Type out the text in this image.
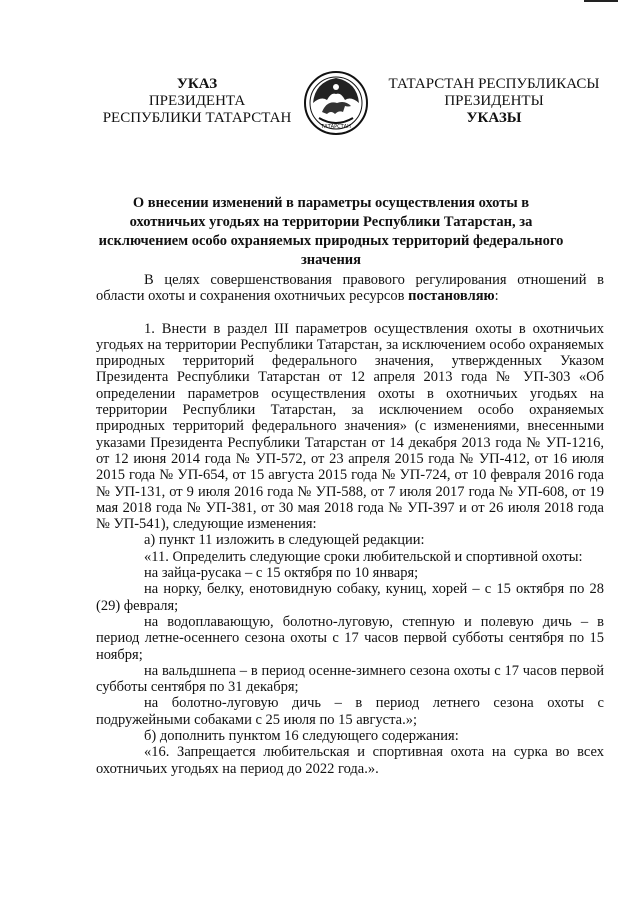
УКАЗ
ПРЕЗИДЕНТА
РЕСПУБЛИКИ ТАТАРСТАН
ТАТАРСТАН
ТАТАРСТАН РЕСПУБЛИКАСЫ
ПРЕЗИДЕНТЫ
УКАЗЫ
О внесении изменений в параметры осуществления охоты в охотничьих угодьях на территории Республики Татарстан, за исключением особо охраняемых природных территорий федерального значения

В целях совершенствования правового регулирования отношений в области охоты и сохранения охотничьих ресурсов постановляю:

1. Внести в раздел III параметров осуществления охоты в охотничьих угодьях на территории Республики Татарстан, за исключением особо охраняемых природных территорий федерального значения, утвержденных Указом Президента Республики Татарстан от 12 апреля 2013 года № УП-303 «Об определении параметров осуществления охоты в охотничьих угодьях на территории Республики Татарстан, за исключением особо охраняемых природных территорий федерального значения» (с изменениями, внесенными указами Президента Республики Татарстан от 14 декабря 2013 года № УП-1216, от 12 июня 2014 года № УП-572, от 23 апреля 2015 года № УП-412, от 16 июля 2015 года № УП-654, от 15 августа 2015 года № УП-724, от 10 февраля 2016 года № УП-131, от 9 июля 2016 года № УП-588, от 7 июля 2017 года № УП-608, от 19 мая 2018 года № УП-381, от 30 мая 2018 года № УП-397 и от 26 июля 2018 года № УП-541), следующие изменения:

а) пункт 11 изложить в следующей редакции:

«11. Определить следующие сроки любительской и спортивной охоты:

на зайца-русака – с 15 октября по 10 января;

на норку, белку, енотовидную собаку, куниц, хорей – с 15 октября по 28 (29) февраля;

на водоплавающую, болотно-луговую, степную и полевую дичь – в период летне-осеннего сезона охоты с 17 часов первой субботы сентября по 15 ноября;

на вальдшнепа – в период осенне-зимнего сезона охоты с 17 часов первой субботы сентября по 31 декабря;

на болотно-луговую дичь – в период летнего сезона охоты с подружейными собаками с 25 июля по 15 августа.»;

б) дополнить пунктом 16 следующего содержания:

«16. Запрещается любительская и спортивная охота на сурка во всех охотничьих угодьях на период до 2022 года.».
